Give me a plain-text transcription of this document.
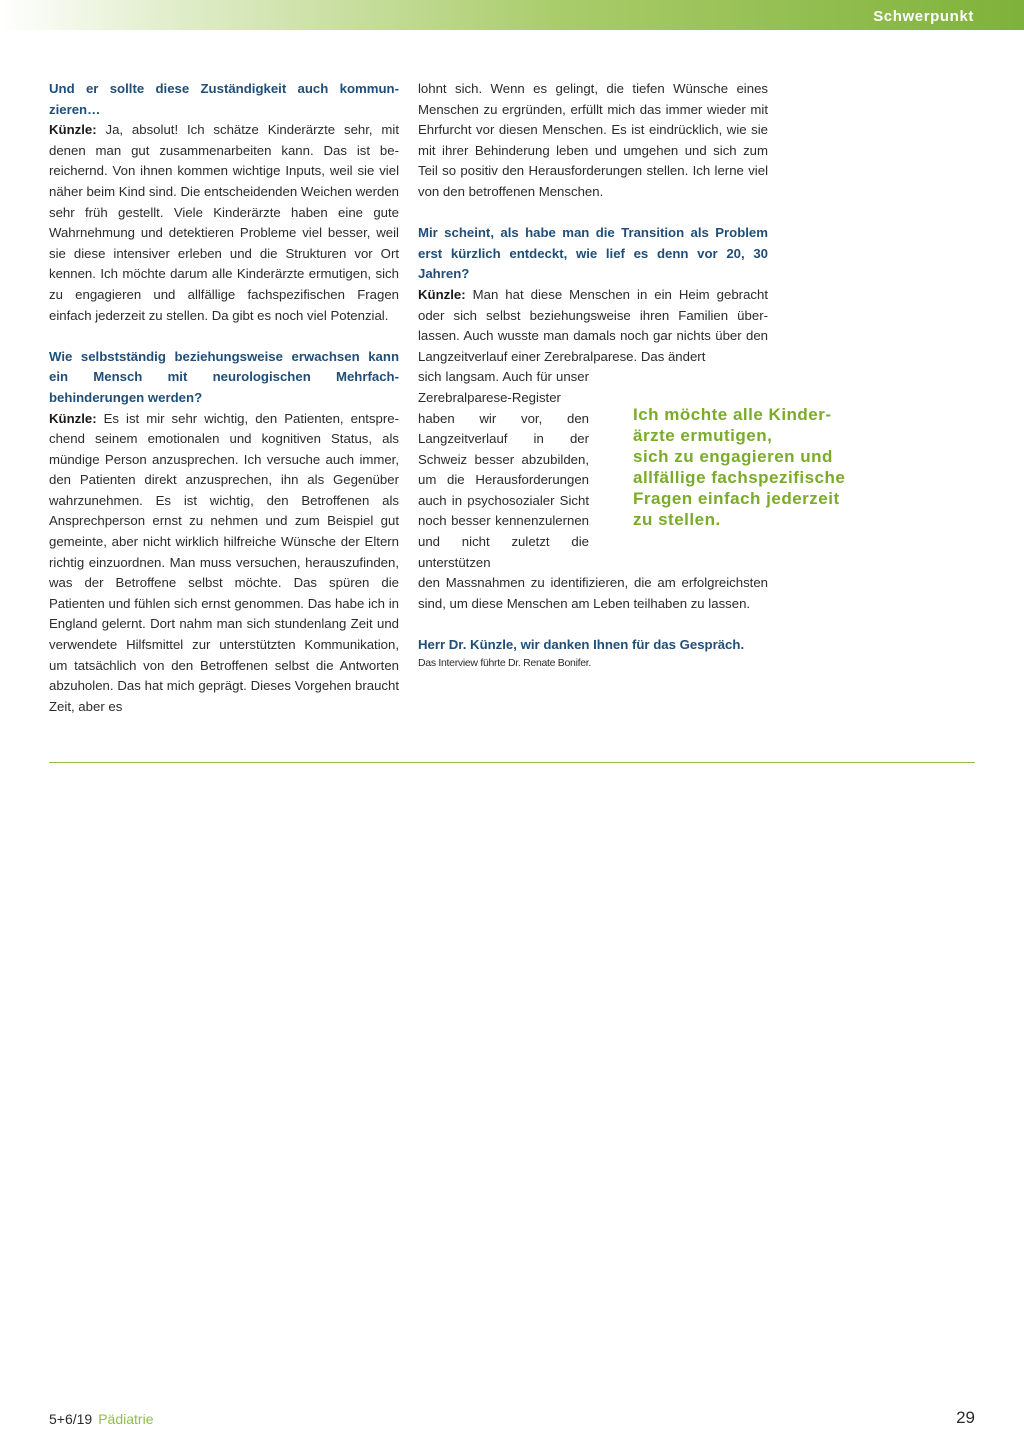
Schwerpunkt

Und er sollte diese Zuständigkeit auch kommunzieren…

Künzle: Ja, absolut! Ich schätze Kinderärzte sehr, mit denen man gut zusammenarbeiten kann. Das ist bereichernd. Von ihnen kommen wichtige Inputs, weil sie viel näher beim Kind sind. Die entscheidenden Weichen werden sehr früh gestellt. Viele Kinderärzte haben eine gute Wahrnehmung und detektieren Probleme viel besser, weil sie diese intensiver erleben und die Strukturen vor Ort kennen. Ich möchte darum alle Kinderärzte ermutigen, sich zu engagieren und allfällige fachspezifischen Fragen einfach jederzeit zu stellen. Da gibt es noch viel Potenzial.

Wie selbstständig beziehungsweise erwachsen kann ein Mensch mit neurologischen Mehrfachbehinderungen werden?

Künzle: Es ist mir sehr wichtig, den Patienten, entsprechend seinem emotionalen und kognitiven Status, als mündige Person anzusprechen. Ich versuche auch immer, den Patienten direkt anzusprechen, ihn als Gegenüber wahrzunehmen. Es ist wichtig, den Betroffenen als Ansprechperson ernst zu nehmen und zum Beispiel gut gemeinte, aber nicht wirklich hilfreiche Wünsche der Eltern richtig einzuordnen. Man muss versuchen, herauszufinden, was der Betroffene selbst möchte. Das spüren die Patienten und fühlen sich ernst genommen. Das habe ich in England gelernt. Dort nahm man sich stundenlang Zeit und verwendete Hilfsmittel zur unterstützten Kommunikation, um tatsächlich von den Betroffenen selbst die Antworten abzuholen. Das hat mich geprägt. Dieses Vorgehen braucht Zeit, aber es

lohnt sich. Wenn es gelingt, die tiefen Wünsche eines Menschen zu ergründen, erfüllt mich das immer wieder mit Ehrfurcht vor diesen Menschen. Es ist eindrücklich, wie sie mit ihrer Behinderung leben und umgehen und sich zum Teil so positiv den Herausforderungen stellen. Ich lerne viel von den betroffenen Menschen.

Mir scheint, als habe man die Transition als Problem erst kürzlich entdeckt, wie lief es denn vor 20, 30 Jahren?

Künzle: Man hat diese Menschen in ein Heim gebracht oder sich selbst beziehungsweise ihren Familien überlassen. Auch wusste man damals noch gar nichts über den Langzeitverlauf einer Zerebralparese. Das ändert

sich langsam. Auch für unser Zerebralparese-Register haben wir vor, den Langzeitverlauf in der Schweiz besser abzubilden, um die Herausforderungen auch in psychosozialer Sicht noch besser kennenzulernen und nicht zuletzt die unterstützen

den Massnahmen zu identifizieren, die am erfolgreichsten sind, um diese Menschen am Leben teilhaben zu lassen.

Herr Dr. Künzle, wir danken Ihnen für das Gespräch.

Das Interview führte Dr. Renate Bonifer.

Ich möchte alle Kinder-
ärzte ermutigen,
sich zu engagieren und
allfällige fachspezifische
Fragen einfach jederzeit
zu stellen.
5+6/19 Pädiatrie	29
